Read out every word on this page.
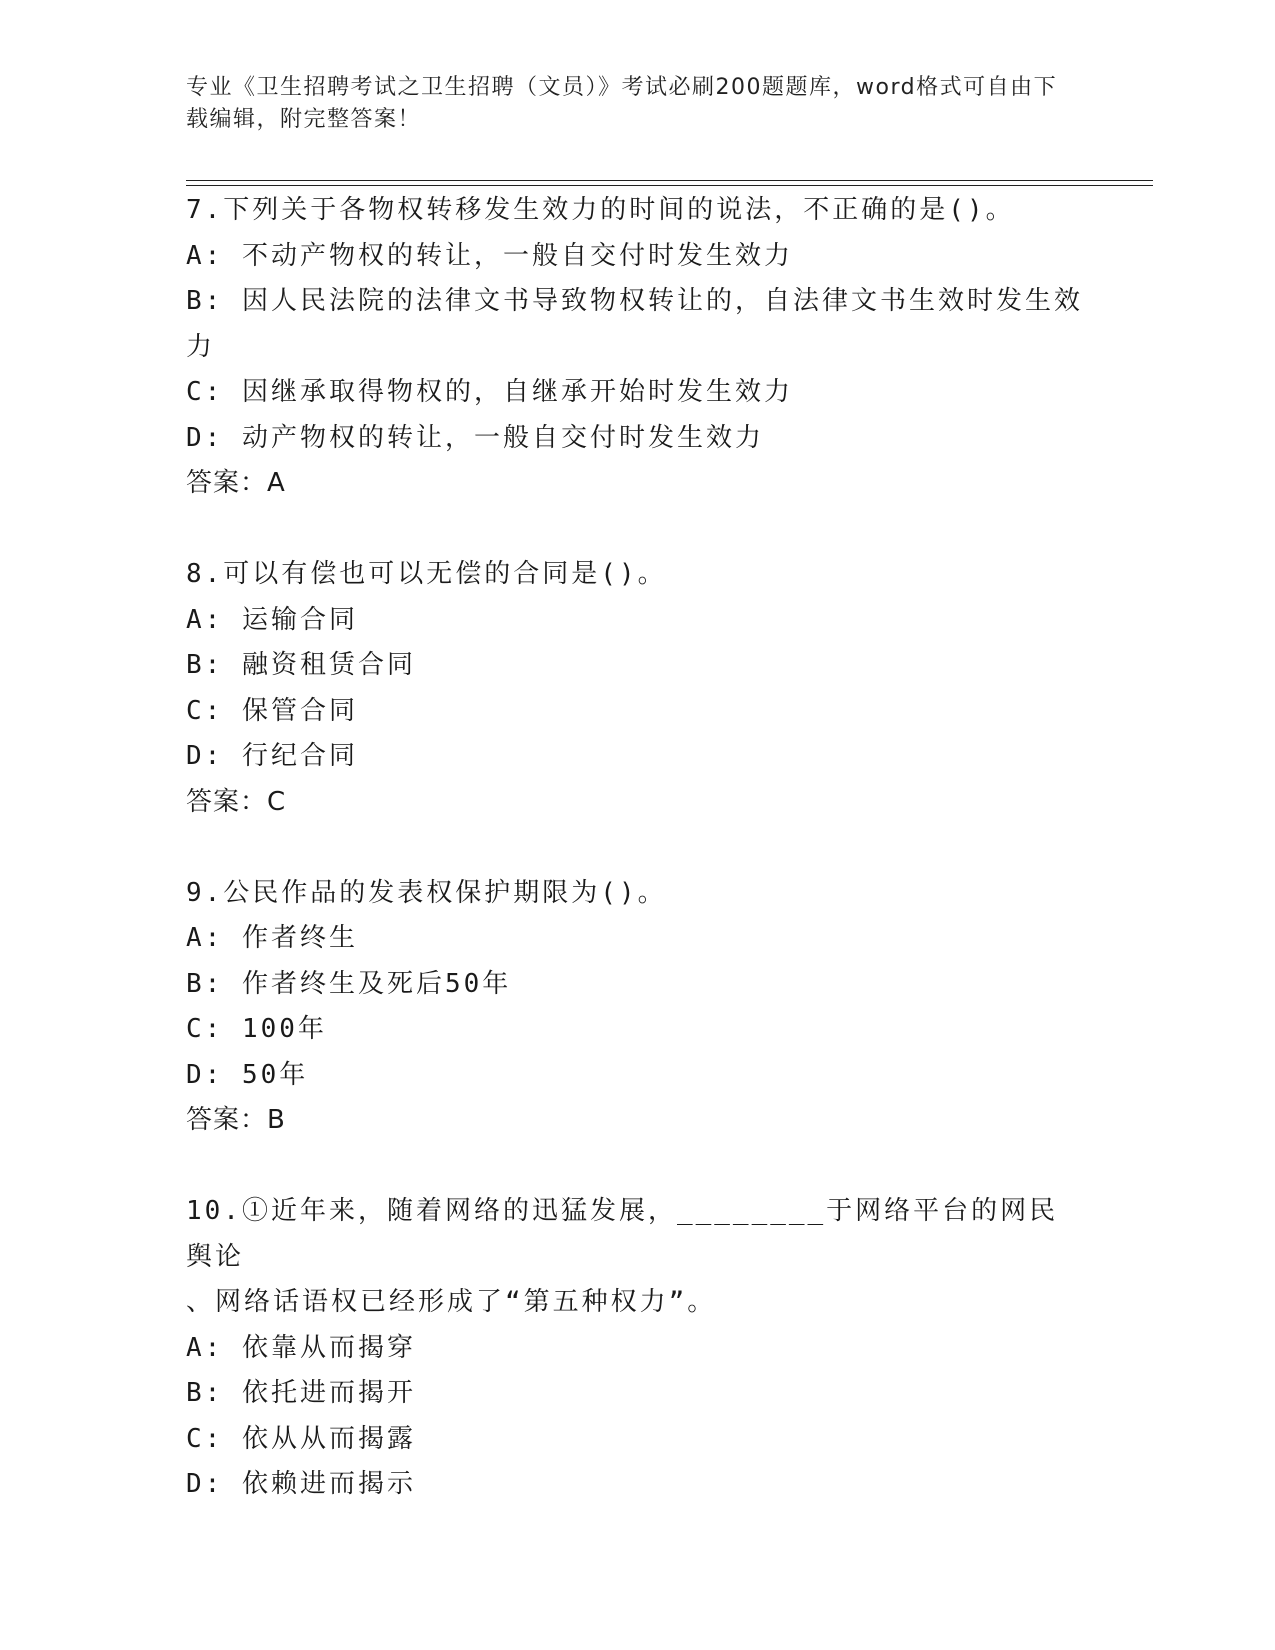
专业《卫生招聘考试之卫生招聘（文员）》考试必刷200题题库，word格式可自由下载编辑，附完整答案！
7.下列关于各物权转移发生效力的时间的说法，不正确的是()。
A: 不动产物权的转让，一般自交付时发生效力
B: 因人民法院的法律文书导致物权转让的，自法律文书生效时发生效
力
C: 因继承取得物权的，自继承开始时发生效力
D: 动产物权的转让，一般自交付时发生效力
答案：A
8.可以有偿也可以无偿的合同是()。
A: 运输合同
B: 融资租赁合同
C: 保管合同
D: 行纪合同
答案：C
9.公民作品的发表权保护期限为()。
A: 作者终生
B: 作者终生及死后50年
C: 100年
D: 50年
答案：B
10.①近年来，随着网络的迅猛发展，________于网络平台的网民舆论
、网络话语权已经形成了“第五种权力”。
A: 依靠从而揭穿
B: 依托进而揭开
C: 依从从而揭露
D: 依赖进而揭示
